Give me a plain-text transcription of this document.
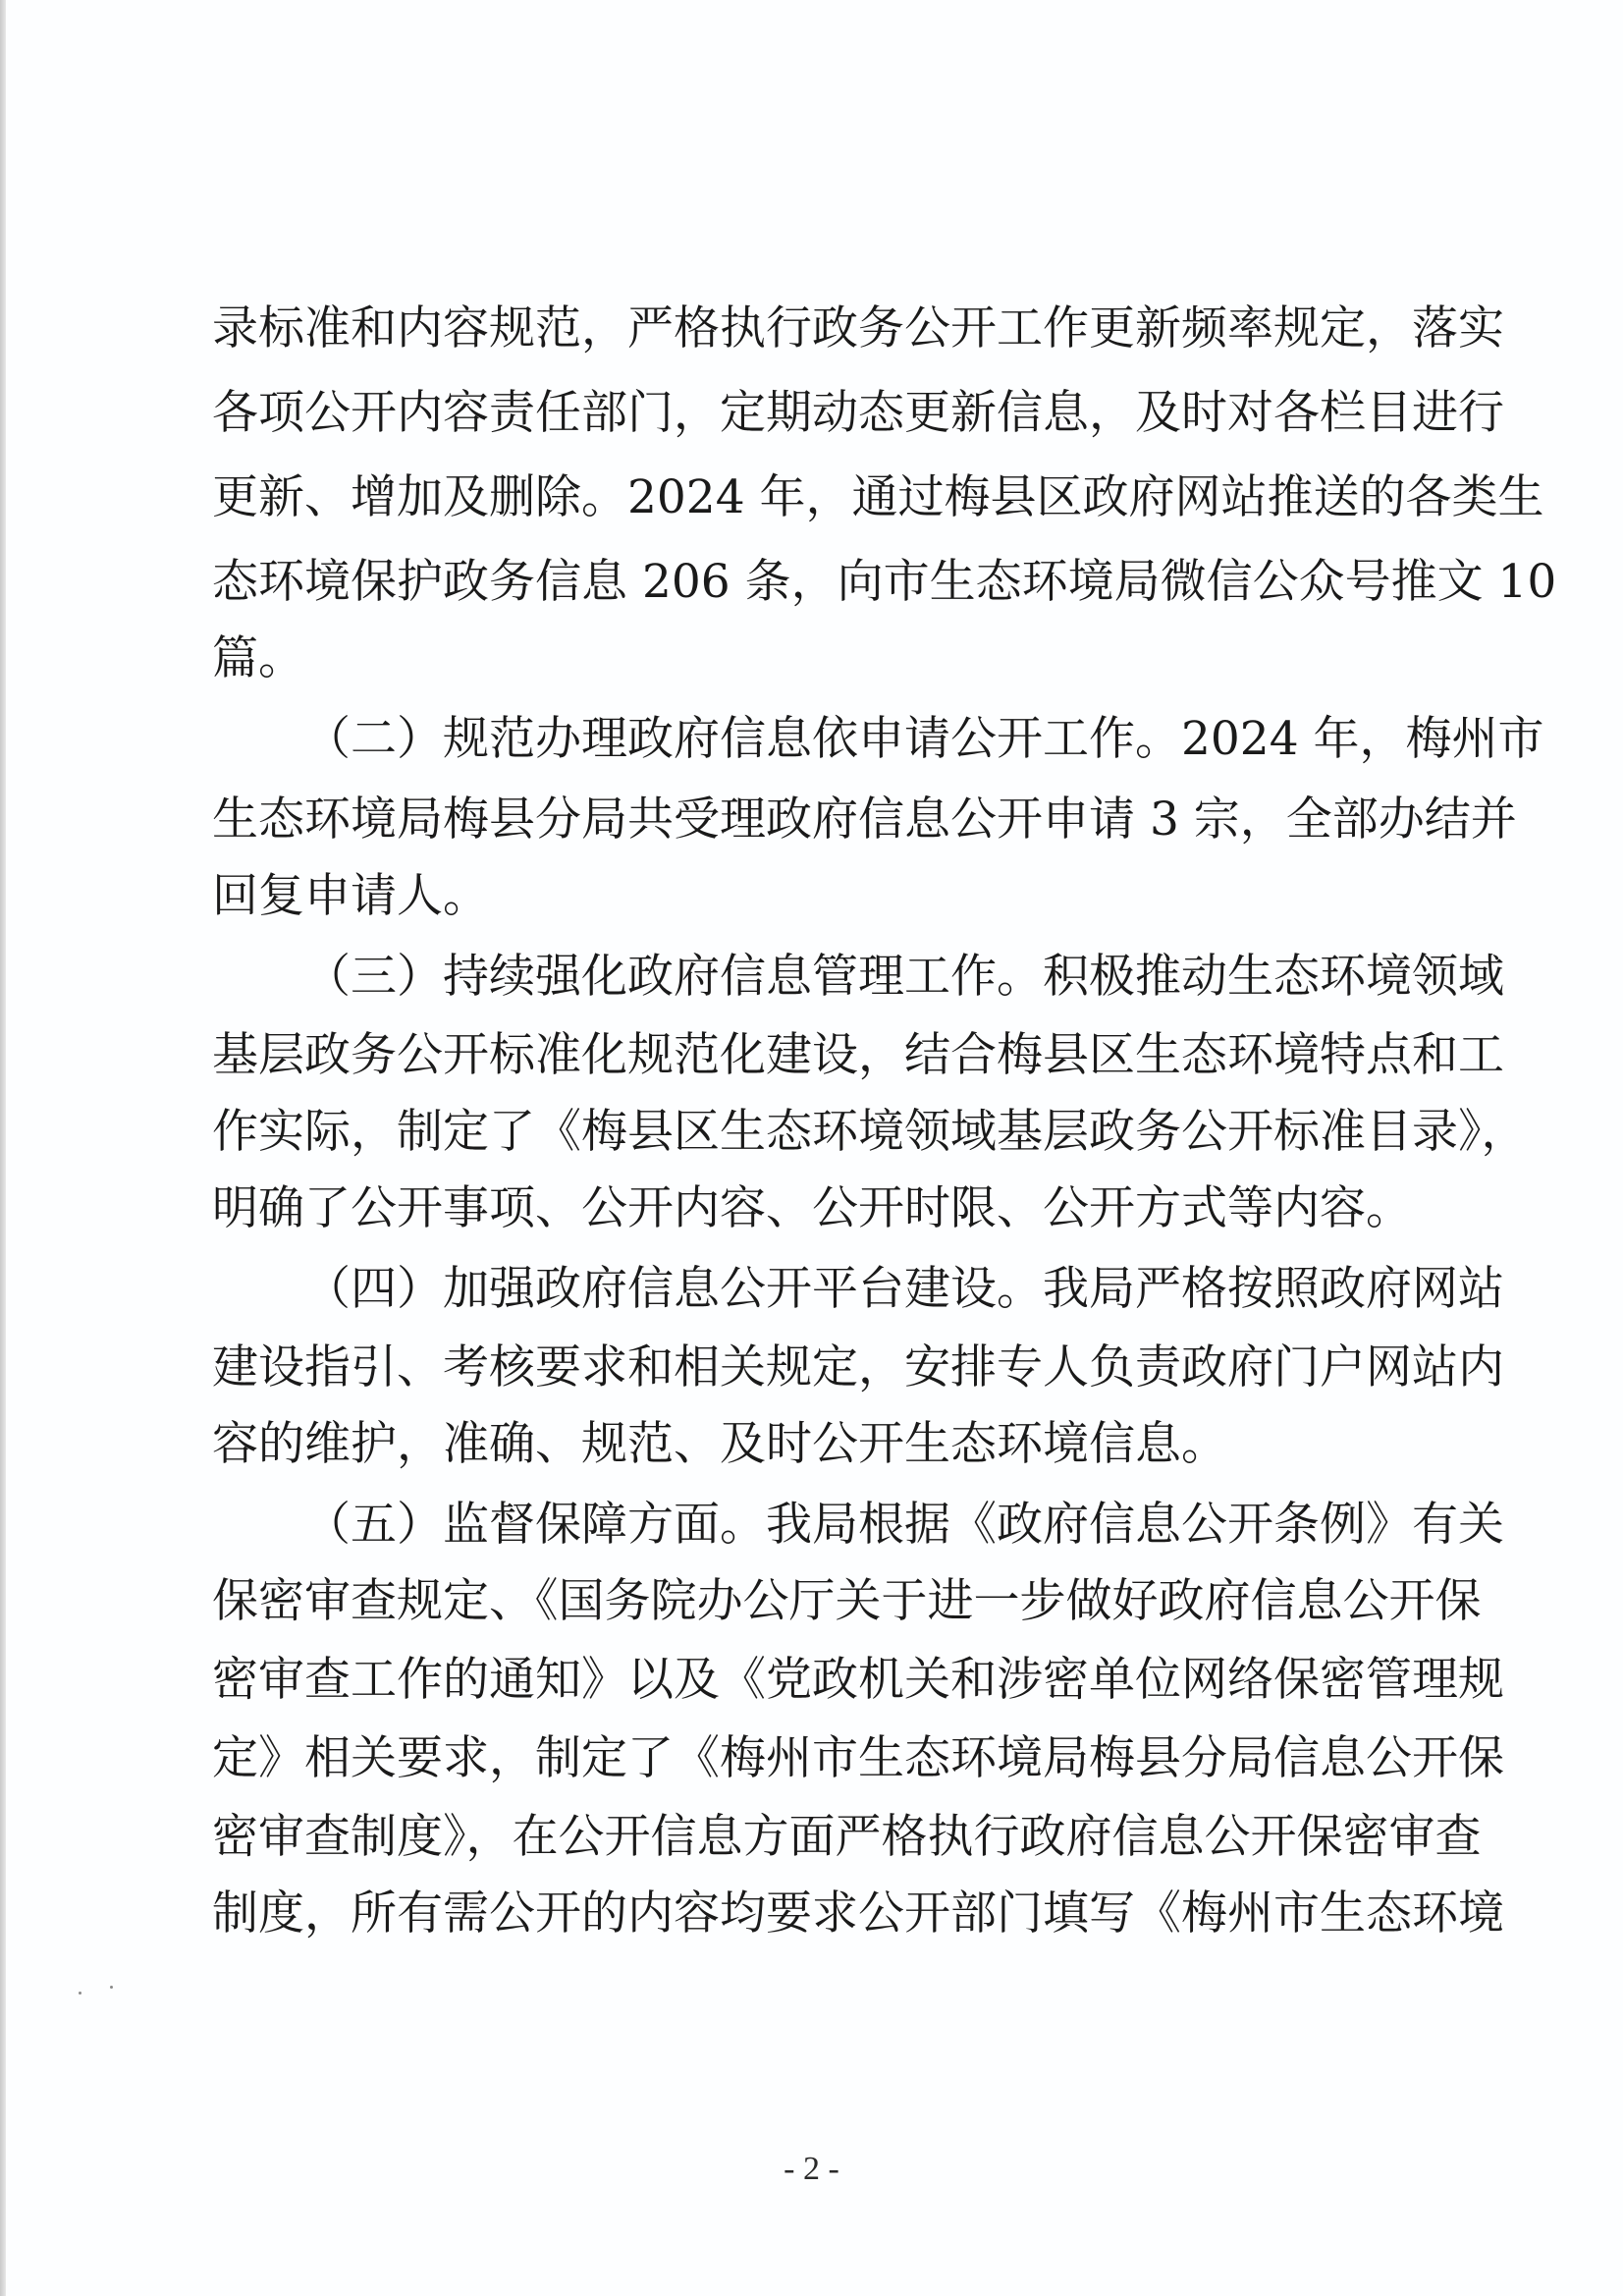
录标准和内容规范，严格执行政务公开工作更新频率规定，落实
各项公开内容责任部门，定期动态更新信息，及时对各栏目进行
更新、增加及删除。2024 年，通过梅县区政府网站推送的各类生
态环境保护政务信息 206 条，向市生态环境局微信公众号推文 10
篇。
（二）规范办理政府信息依申请公开工作。2024 年，梅州市
生态环境局梅县分局共受理政府信息公开申请 3 宗，全部办结并
回复申请人。
（三）持续强化政府信息管理工作。积极推动生态环境领域
基层政务公开标准化规范化建设，结合梅县区生态环境特点和工
作实际，制定了《梅县区生态环境领域基层政务公开标准目录》，
明确了公开事项、公开内容、公开时限、公开方式等内容。
（四）加强政府信息公开平台建设。我局严格按照政府网站
建设指引、考核要求和相关规定，安排专人负责政府门户网站内
容的维护，准确、规范、及时公开生态环境信息。
（五）监督保障方面。我局根据《政府信息公开条例》有关
保密审查规定、《国务院办公厅关于进一步做好政府信息公开保
密审查工作的通知》以及《党政机关和涉密单位网络保密管理规
定》相关要求，制定了《梅州市生态环境局梅县分局信息公开保
密审查制度》，在公开信息方面严格执行政府信息公开保密审查
制度，所有需公开的内容均要求公开部门填写《梅州市生态环境
- 2 -
